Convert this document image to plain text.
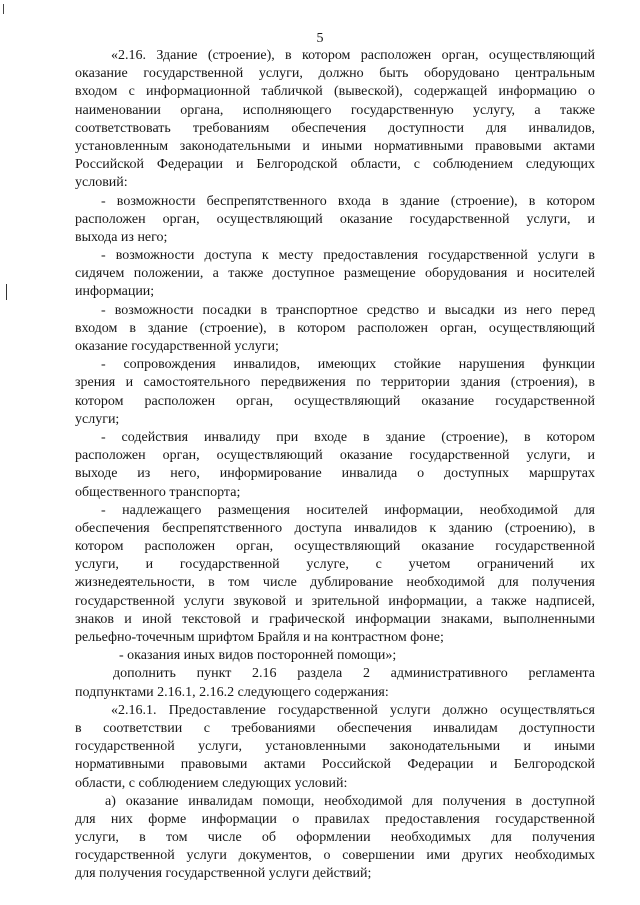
5
«2.16. Здание (строение), в котором расположен орган, осуществляющий
оказание государственной услуги, должно быть оборудовано центральным
входом с информационной табличкой (вывеской), содержащей информацию о
наименовании органа, исполняющего государственную услугу, а также
соответствовать требованиям обеспечения доступности для инвалидов,
установленным законодательными и иными нормативными правовыми актами
Российской Федерации и Белгородской области, с соблюдением следующих
условий:
- возможности беспрепятственного входа в здание (строение), в котором
расположен орган, осуществляющий оказание государственной услуги, и
выхода из него;
- возможности доступа к месту предоставления государственной услуги в
сидячем положении, а также доступное размещение оборудования и носителей
информации;
- возможности посадки в транспортное средство и высадки из него перед
входом в здание (строение), в котором расположен орган, осуществляющий
оказание государственной услуги;
- сопровождения инвалидов, имеющих стойкие нарушения функции
зрения и самостоятельного передвижения по территории здания (строения), в
котором расположен орган, осуществляющий оказание государственной
услуги;
- содействия инвалиду при входе в здание (строение), в котором
расположен орган, осуществляющий оказание государственной услуги, и
выходе из него, информирование инвалида о доступных маршрутах
общественного транспорта;
- надлежащего размещения носителей информации, необходимой для
обеспечения беспрепятственного доступа инвалидов к зданию (строению), в
котором расположен орган, осуществляющий оказание государственной
услуги, и государственной услуге, с учетом ограничений их
жизнедеятельности, в том числе дублирование необходимой для получения
государственной услуги звуковой и зрительной информации, а также надписей,
знаков и иной текстовой и графической информации знаками, выполненными
рельефно-точечным шрифтом Брайля и на контрастном фоне;
- оказания иных видов посторонней помощи»;
дополнить пункт 2.16 раздела 2 административного регламента
подпунктами 2.16.1, 2.16.2 следующего содержания:
«2.16.1. Предоставление государственной услуги должно осуществляться
в соответствии с требованиями обеспечения инвалидам доступности
государственной услуги, установленными законодательными и иными
нормативными правовыми актами Российской Федерации и Белгородской
области, с соблюдением следующих условий:
а) оказание инвалидам помощи, необходимой для получения в доступной
для них форме информации о правилах предоставления государственной
услуги, в том числе об оформлении необходимых для получения
государственной услуги документов, о совершении ими других необходимых
для получения государственной услуги действий;
